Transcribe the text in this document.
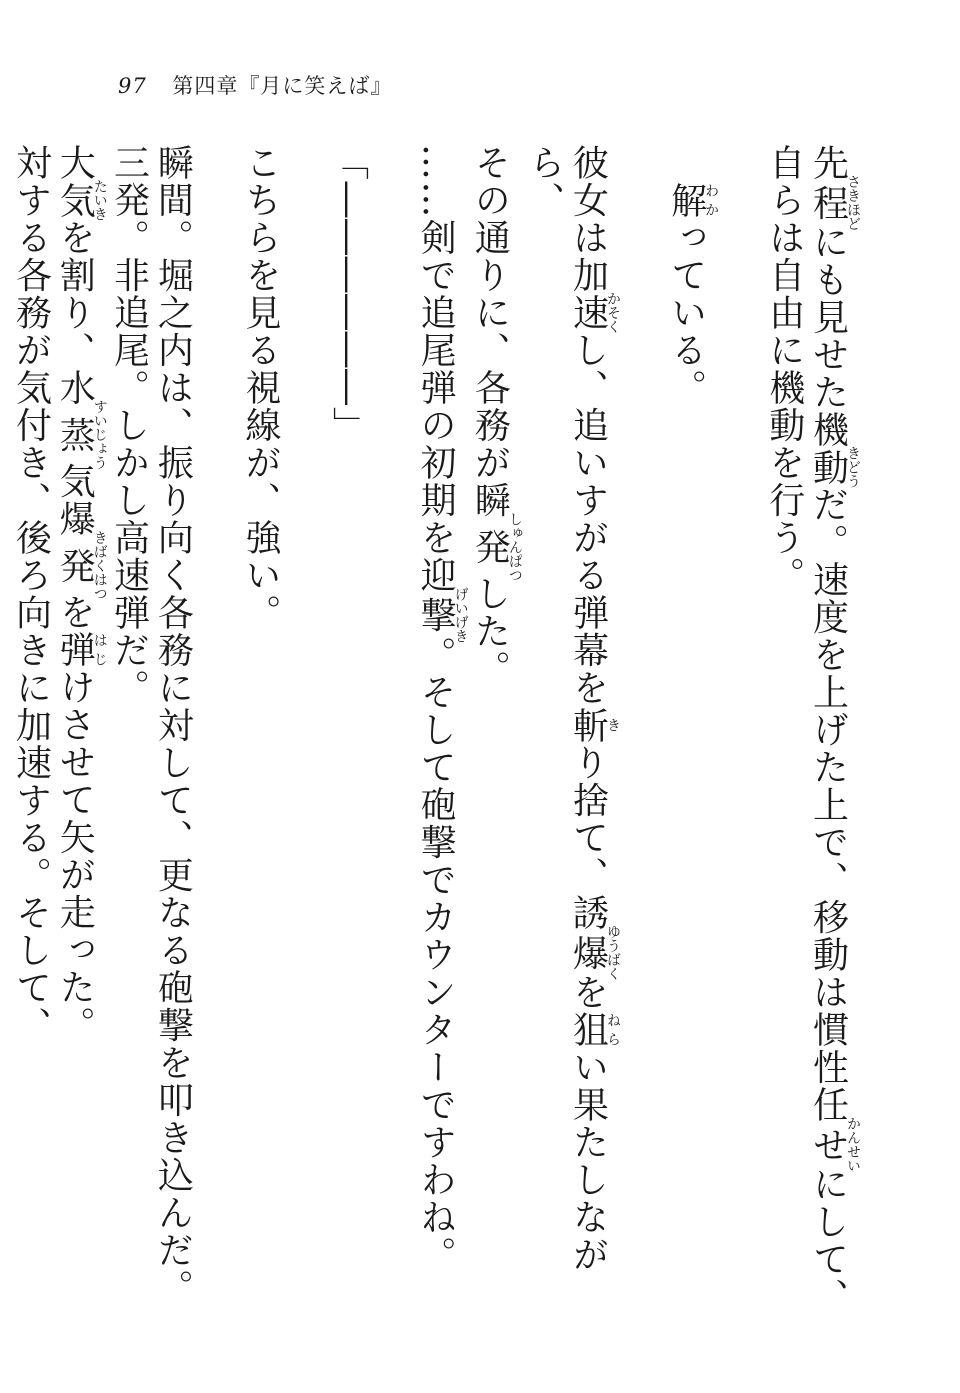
97 第四章『月に笑えば』
先程さきほどにも見せた機動きどうだ。速度を上げた上で、移動は慣性任せかんせいにして、自らは自由に機動を行う。
　解わかっている。
彼女は加速かそくし、追いすがる弾幕を斬きり捨て、誘爆ゆうばくを狙ねらい果たしながら、
その通りに、各務が瞬発しゅんぱつした。
……剣で追尾弾の初期を迎撃げいげき。そして砲撃でカウンターですわね。
「――――――」
こちらを見る視線が、強い。
瞬間。堀之内は、振り向く各務に対して、更なる砲撃を叩き込んだ。
三発。非追尾。しかし高速弾だ。
大気たいきを割り、水蒸すいじょう気爆発きばくはつを弾はじけさせて矢が走った。
対する各務が気付き、後ろ向きに加速する。そして、
